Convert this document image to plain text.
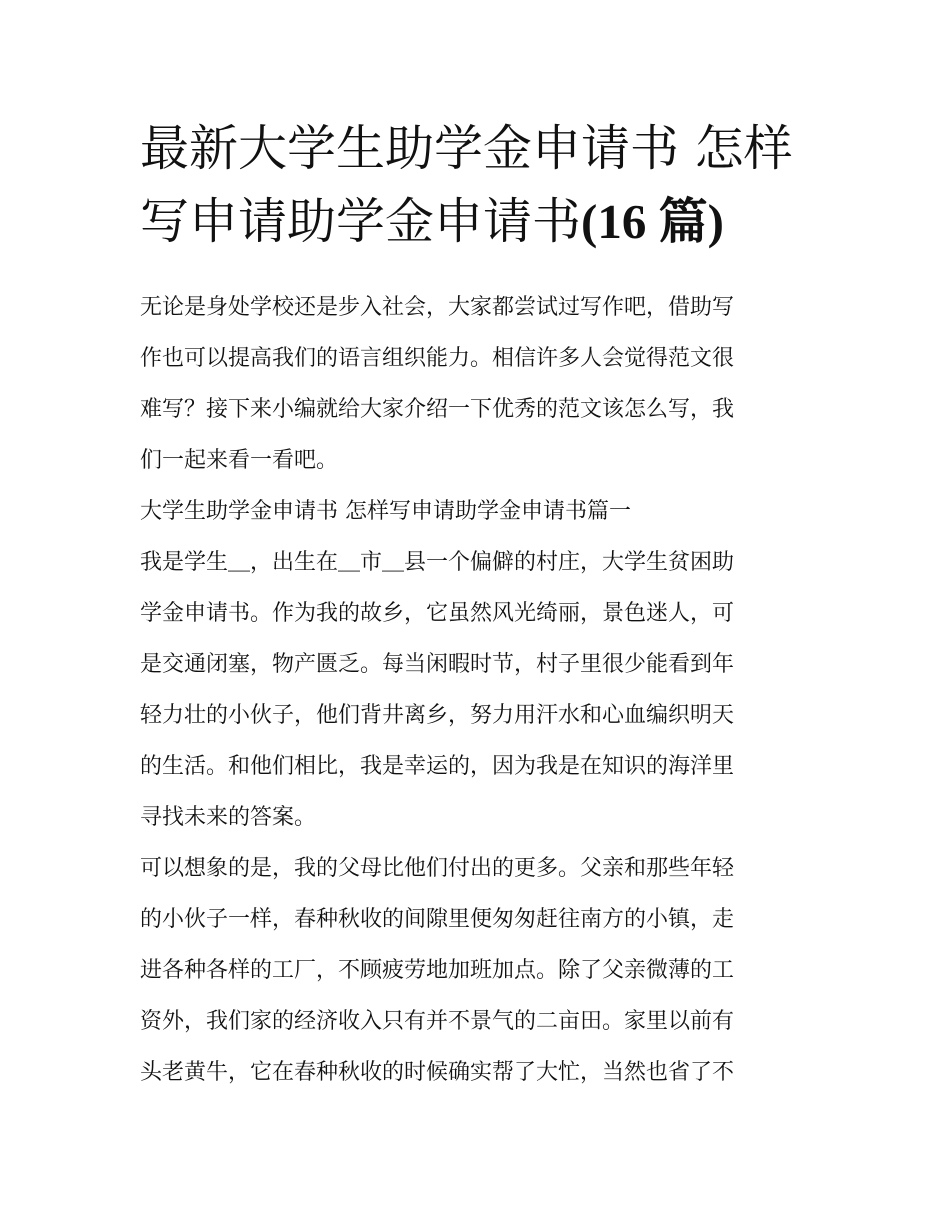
最新大学生助学金申请书 怎样
写申请助学金申请书(16 篇)

无论是身处学校还是步入社会，大家都尝试过写作吧，借助写
作也可以提高我们的语言组织能力。相信许多人会觉得范文很
难写？接下来小编就给大家介绍一下优秀的范文该怎么写，我
们一起来看一看吧。

大学生助学金申请书 怎样写申请助学金申请书篇一

我是学生＿，出生在＿市＿县一个偏僻的村庄，大学生贫困助
学金申请书。作为我的故乡，它虽然风光绮丽，景色迷人，可
是交通闭塞，物产匮乏。每当闲暇时节，村子里很少能看到年
轻力壮的小伙子，他们背井离乡，努力用汗水和心血编织明天
的生活。和他们相比，我是幸运的，因为我是在知识的海洋里
寻找未来的答案。

可以想象的是，我的父母比他们付出的更多。父亲和那些年轻
的小伙子一样，春种秋收的间隙里便匆匆赶往南方的小镇，走
进各种各样的工厂，不顾疲劳地加班加点。除了父亲微薄的工
资外，我们家的经济收入只有并不景气的二亩田。家里以前有
头老黄牛，它在春种秋收的时候确实帮了大忙，当然也省了不
